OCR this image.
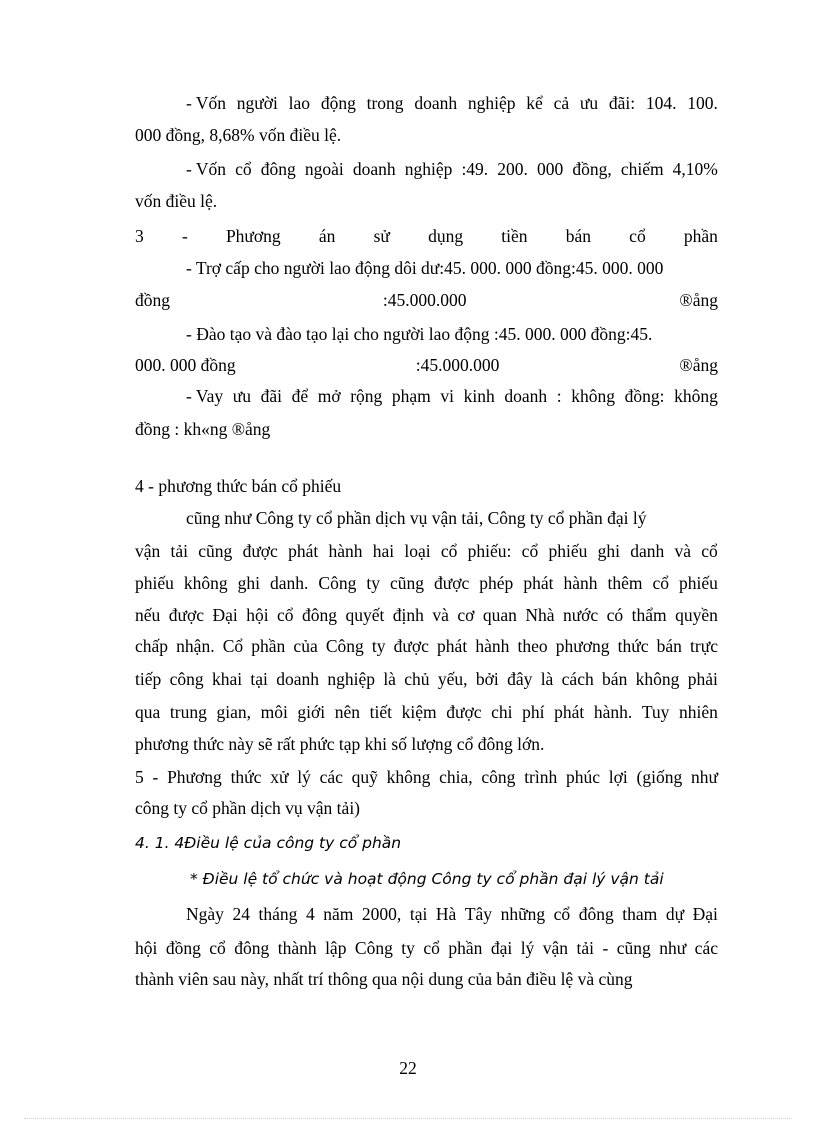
- Vốn người lao động trong doanh nghiệp kể cả ưu đãi: 104. 100.
000 đồng, 8,68% vốn điều lệ.
- Vốn cổ đông ngoài doanh nghiệp :49. 200. 000 đồng, chiếm 4,10%
vốn điều lệ.
3 - Phương án sử dụng tiền bán cổ phần
- Trợ cấp cho người lao động dôi dư:45. 000. 000 đồng:45. 000. 000
đồng	:45.000.000	®ång
- Đào tạo và đào tạo lại cho người lao động :45. 000. 000 đồng:45.
000. 000 đồng	:45.000.000	®ång
- Vay ưu đãi để mở rộng phạm vi kinh doanh : không đồng: không
đồng : kh«ng ®ång
4 - phương thức bán cổ phiếu
cũng như Công ty cổ phần dịch vụ vận tải, Công ty cổ phần đại lý
vận tải cũng được phát hành hai loại cổ phiếu: cổ phiếu ghi danh và cổ
phiếu không ghi danh. Công ty cũng được phép phát hành thêm cổ phiếu
nếu được Đại hội cổ đông quyết định và cơ quan Nhà nước có thẩm quyền
chấp nhận. Cổ phần của Công ty được phát hành theo phương thức bán trực
tiếp công khai tại doanh nghiệp là chủ yếu, bởi đây là cách bán không phải
qua trung gian, môi giới nên tiết kiệm được chi phí phát hành. Tuy nhiên
phương thức này sẽ rất phức tạp khi số lượng cổ đông lớn.
5 - Phương thức xử lý các quỹ không chia, công trình phúc lợi (giống như
công ty cổ phần dịch vụ vận tải)
4. 1. 4Điều lệ của công ty cổ phần
* Điều lệ tổ chức và hoạt động Công ty cổ phần đại lý vận tải
Ngày 24 tháng 4 năm 2000, tại Hà Tây những cổ đông tham dự Đại
hội đồng cổ đông thành lập Công ty cổ phần đại lý vận tải - cũng như các
thành viên sau này, nhất trí thông qua nội dung của bản điều lệ và cùng
22
